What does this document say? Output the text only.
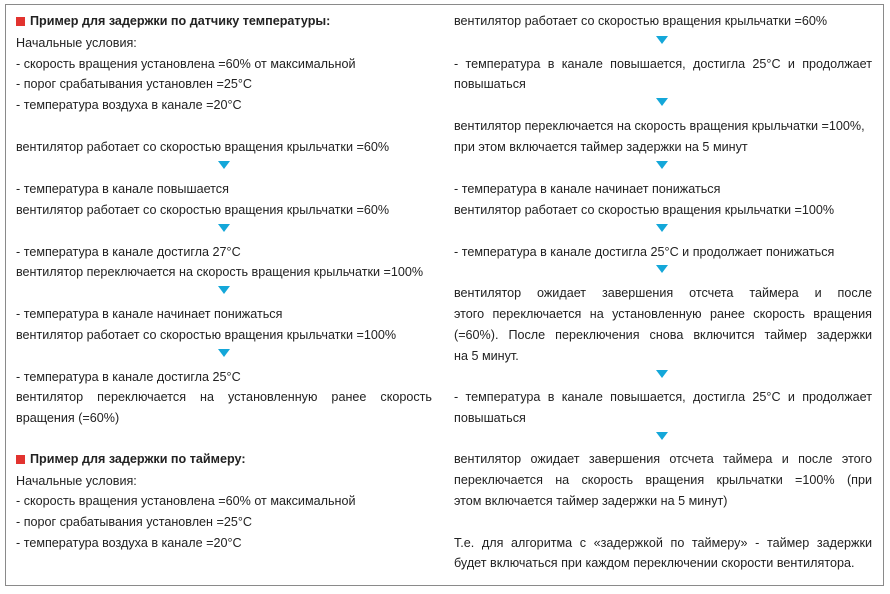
Пример для задержки по датчику температуры:
Начальные условия:
- скорость вращения установлена =60% от максимальной
- порог срабатывания установлен =25°С
- температура воздуха в канале =20°С
вентилятор работает со скоростью вращения крыльчатки =60%
- температура в канале повышается
вентилятор работает со скоростью вращения крыльчатки =60%
- температура в канале достигла 27°С
вентилятор переключается на скорость вращения крыльчатки =100%
- температура в канале начинает понижаться
вентилятор работает со скоростью вращения крыльчатки =100%
- температура в канале достигла 25°С
вентилятор переключается на установленную ранее скорость
вращения (=60%)
Пример для задержки по таймеру:
Начальные условия:
- скорость вращения установлена =60% от максимальной
- порог срабатывания установлен =25°С
- температура воздуха в канале =20°С
вентилятор работает со скоростью вращения крыльчатки =60%
- температура в канале повышается, достигла 25°С и продолжает
повышаться
вентилятор переключается на скорость вращения крыльчатки =100%,
при этом включается таймер задержки на 5 минут
- температура в канале начинает понижаться
вентилятор работает со скоростью вращения крыльчатки =100%
- температура в канале достигла 25°С и продолжает понижаться
вентилятор ожидает завершения отсчета таймера и после
этого переключается на установленную ранее скорость вращения
(=60%). После переключения снова включится таймер задержки
на 5 минут.
- температура в канале повышается, достигла 25°С и продолжает
повышаться
вентилятор ожидает завершения отсчета таймера и после этого
переключается на скорость вращения крыльчатки =100% (при
этом включается таймер задержки на 5 минут)
Т.е. для алгоритма с «задержкой по таймеру» - таймер задержки
будет включаться при каждом переключении скорости вентилятора.
